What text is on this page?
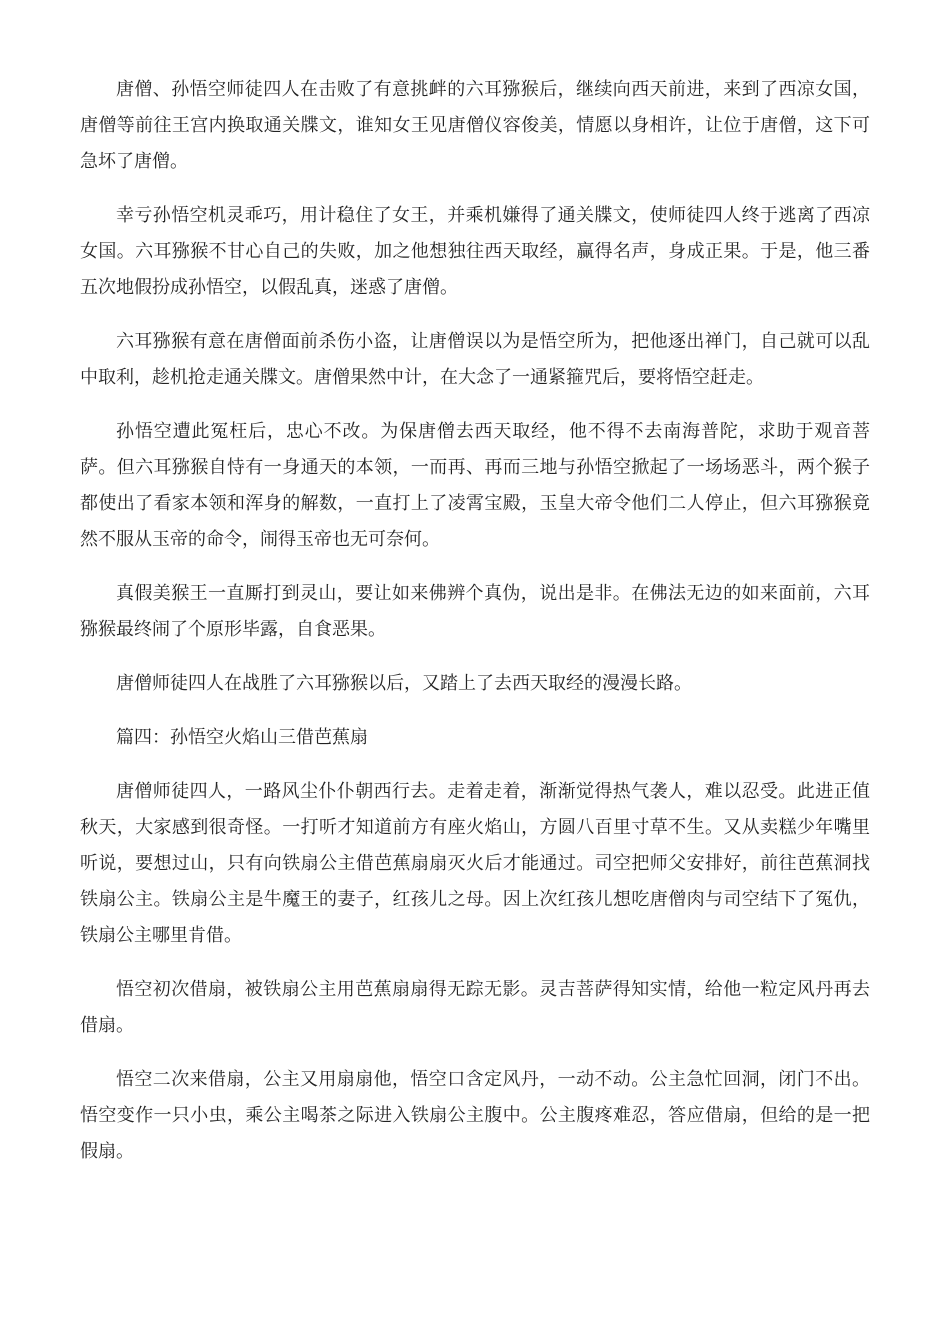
唐僧、孙悟空师徒四人在击败了有意挑衅的六耳猕猴后，继续向西天前进，来到了西凉女国，唐僧等前往王宫内换取通关牒文，谁知女王见唐僧仪容俊美，情愿以身相许，让位于唐僧，这下可急坏了唐僧。

幸亏孙悟空机灵乖巧，用计稳住了女王，并乘机嫌得了通关牒文，使师徒四人终于逃离了西凉女国。六耳猕猴不甘心自己的失败，加之他想独往西天取经，赢得名声，身成正果。于是，他三番五次地假扮成孙悟空，以假乱真，迷惑了唐僧。

六耳猕猴有意在唐僧面前杀伤小盗，让唐僧误以为是悟空所为，把他逐出禅门，自己就可以乱中取利，趁机抢走通关牒文。唐僧果然中计，在大念了一通紧箍咒后，要将悟空赶走。

孙悟空遭此冤枉后，忠心不改。为保唐僧去西天取经，他不得不去南海普陀，求助于观音菩萨。但六耳猕猴自恃有一身通天的本领，一而再、再而三地与孙悟空掀起了一场场恶斗，两个猴子都使出了看家本领和浑身的解数，一直打上了凌霄宝殿，玉皇大帝令他们二人停止，但六耳猕猴竟然不服从玉帝的命令，闹得玉帝也无可奈何。

真假美猴王一直厮打到灵山，要让如来佛辨个真伪，说出是非。在佛法无边的如来面前，六耳猕猴最终闹了个原形毕露，自食恶果。

唐僧师徒四人在战胜了六耳猕猴以后，又踏上了去西天取经的漫漫长路。

篇四：孙悟空火焰山三借芭蕉扇

唐僧师徒四人，一路风尘仆仆朝西行去。走着走着，渐渐觉得热气袭人，难以忍受。此进正值秋天，大家感到很奇怪。一打听才知道前方有座火焰山，方圆八百里寸草不生。又从卖糕少年嘴里听说，要想过山，只有向铁扇公主借芭蕉扇扇灭火后才能通过。司空把师父安排好，前往芭蕉洞找铁扇公主。铁扇公主是牛魔王的妻子，红孩儿之母。因上次红孩儿想吃唐僧肉与司空结下了冤仇，铁扇公主哪里肯借。

悟空初次借扇，被铁扇公主用芭蕉扇扇得无踪无影。灵吉菩萨得知实情，给他一粒定风丹再去借扇。

悟空二次来借扇，公主又用扇扇他，悟空口含定风丹，一动不动。公主急忙回洞，闭门不出。悟空变作一只小虫，乘公主喝茶之际进入铁扇公主腹中。公主腹疼难忍，答应借扇，但给的是一把假扇。
